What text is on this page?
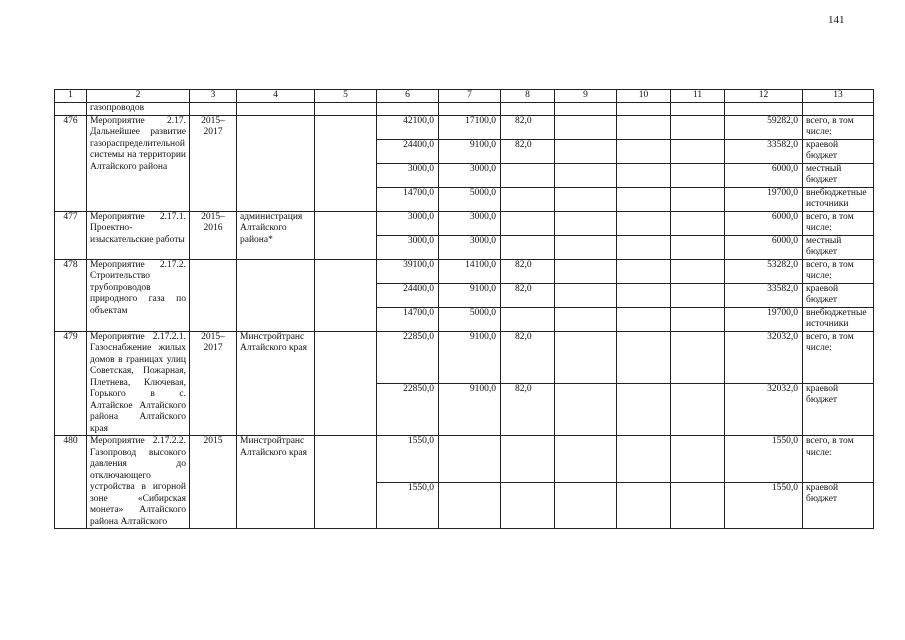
141
1	2	3	4	5	6	7	8	9	10	11	12	13
	газопроводов											
476	Мероприятие 2.17. Дальнейшее развитие газораспределительной системы на территории Алтайского района	2015–2017			42100,0	17100,0	82,0				59282,0	всего, в том числе:
					24400,0	9100,0	82,0				33582,0	краевой бюджет
					3000,0	3000,0					6000,0	местный бюджет
					14700,0	5000,0					19700,0	внебюджетные источники
477	Мероприятие 2.17.1. Проектно-изыскательские работы	2015–2016	администрация Алтайского района*		3000,0	3000,0					6000,0	всего, в том числе:
					3000,0	3000,0					6000,0	местный бюджет
478	Мероприятие 2.17.2. Строительство трубопроводов природного газа по объектам				39100,0	14100,0	82,0				53282,0	всего, в том числе:
					24400,0	9100,0	82,0				33582,0	краевой бюджет
					14700,0	5000,0					19700,0	внебюджетные источники
479	Мероприятие 2.17.2.1. Газоснабжение жилых домов в границах улиц Советская, Пожарная, Плетнева, Ключевая, Горького в с. Алтайское Алтайского района Алтайского края	2015–2017	Минстройтранс Алтайского края		22850,0	9100,0	82,0				32032,0	всего, в том числе:
					22850,0	9100,0	82,0				32032,0	краевой бюджет
480	Мероприятие 2.17.2.2. Газопровод высокого давления до отключающего устройства в игорной зоне «Сибирская монета» Алтайского района Алтайского	2015	Минстройтранс Алтайского края		1550,0						1550,0	всего, в том числе:
					1550,0						1550,0	краевой бюджет
